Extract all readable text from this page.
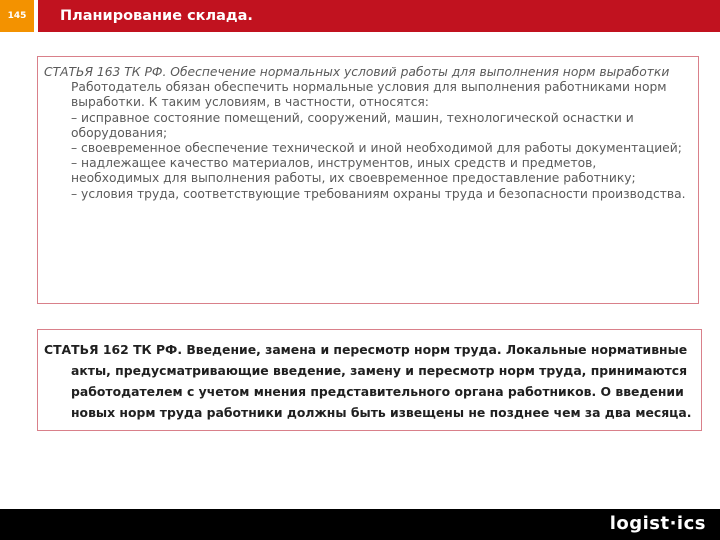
145 Планирование склада.
СТАТЬЯ 163 ТК РФ. Обеспечение нормальных условий работы для выполнения норм выработки
Работодатель обязан обеспечить нормальные условия для выполнения работниками норм выработки. К таким условиям, в частности, относятся:
– исправное состояние помещений, сооружений, машин, технологической оснастки и оборудования;
– своевременное обеспечение технической и иной необходимой для работы документацией;
– надлежащее качество материалов, инструментов, иных средств и предметов, необходимых для выполнения работы, их своевременное предоставление работнику;
– условия труда, соответствующие требованиям охраны труда и безопасности производства.
СТАТЬЯ 162 ТК РФ. Введение, замена и пересмотр норм труда. Локальные нормативные акты, предусматривающие введение, замену и пересмотр норм труда, принимаются работодателем с учетом мнения представительного органа работников. О введении новых норм труда работники должны быть извещены не позднее чем за два месяца.
logist·ics
